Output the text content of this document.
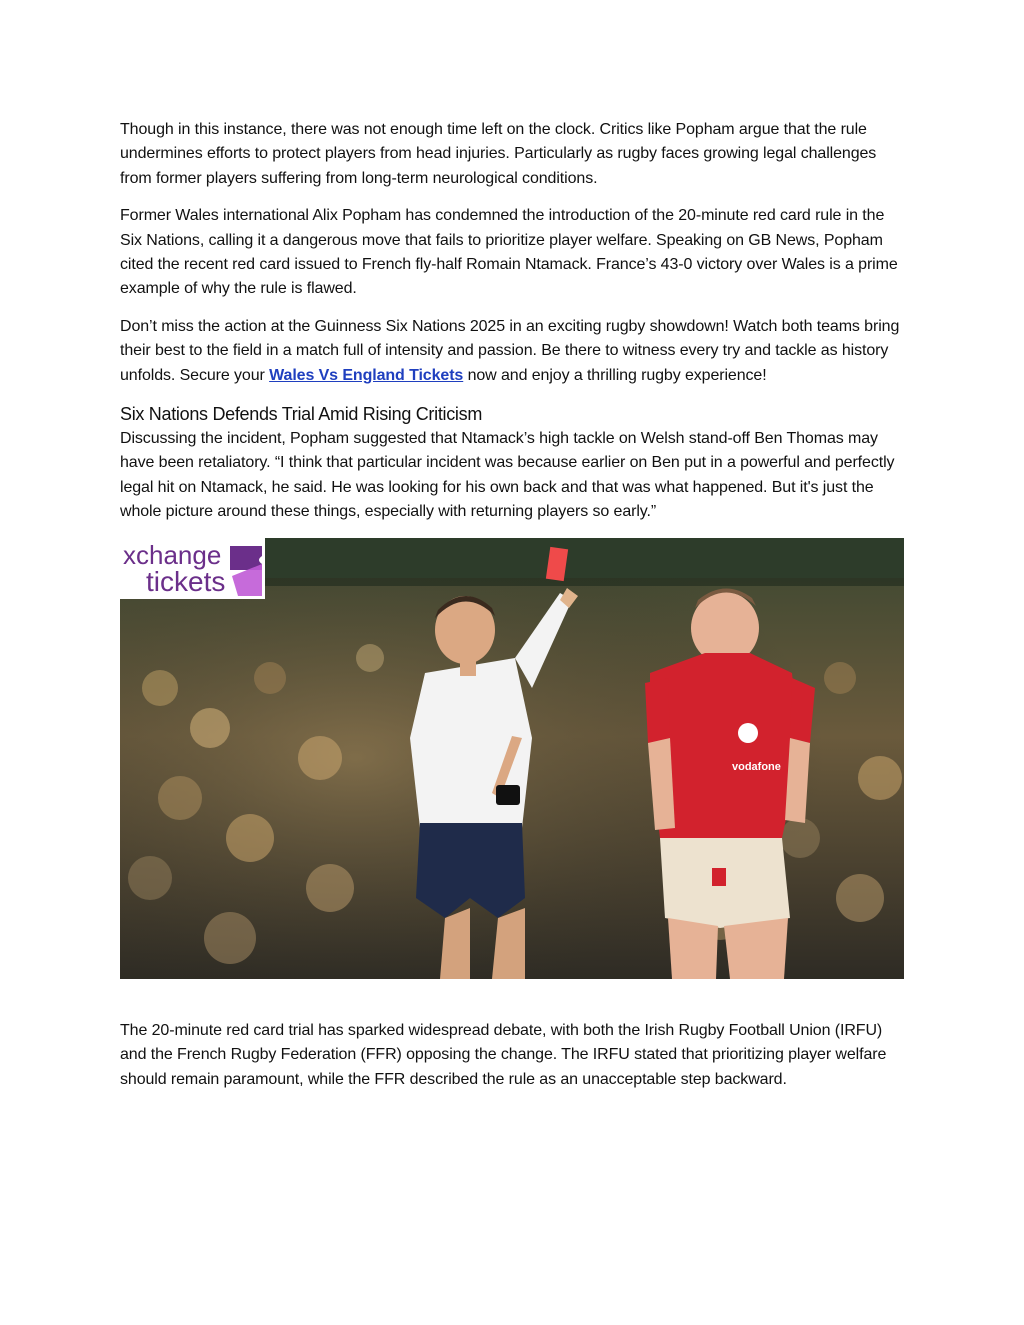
Though in this instance, there was not enough time left on the clock. Critics like Popham argue that the rule undermines efforts to protect players from head injuries. Particularly as rugby faces growing legal challenges from former players suffering from long-term neurological conditions.

Former Wales international Alix Popham has condemned the introduction of the 20-minute red card rule in the Six Nations, calling it a dangerous move that fails to prioritize player welfare. Speaking on GB News, Popham cited the recent red card issued to French fly-half Romain Ntamack. France’s 43-0 victory over Wales is a prime example of why the rule is flawed.

Don’t miss the action at the Guinness Six Nations 2025 in an exciting rugby showdown! Watch both teams bring their best to the field in a match full of intensity and passion. Be there to witness every try and tackle as history unfolds. Secure your Wales Vs England Tickets now and enjoy a thrilling rugby experience!

Six Nations Defends Trial Amid Rising Criticism

Discussing the incident, Popham suggested that Ntamack’s high tackle on Welsh stand-off Ben Thomas may have been retaliatory. “I think that particular incident was because earlier on Ben put in a powerful and perfectly legal hit on Ntamack, he said. He was looking for his own back and that was what happened. But it's just the whole picture around these things, especially with returning players so early.”

vodafone
xchange
tickets

The 20-minute red card trial has sparked widespread debate, with both the Irish Rugby Football Union (IRFU) and the French Rugby Federation (FFR) opposing the change. The IRFU stated that prioritizing player welfare should remain paramount, while the FFR described the rule as an unacceptable step backward.
